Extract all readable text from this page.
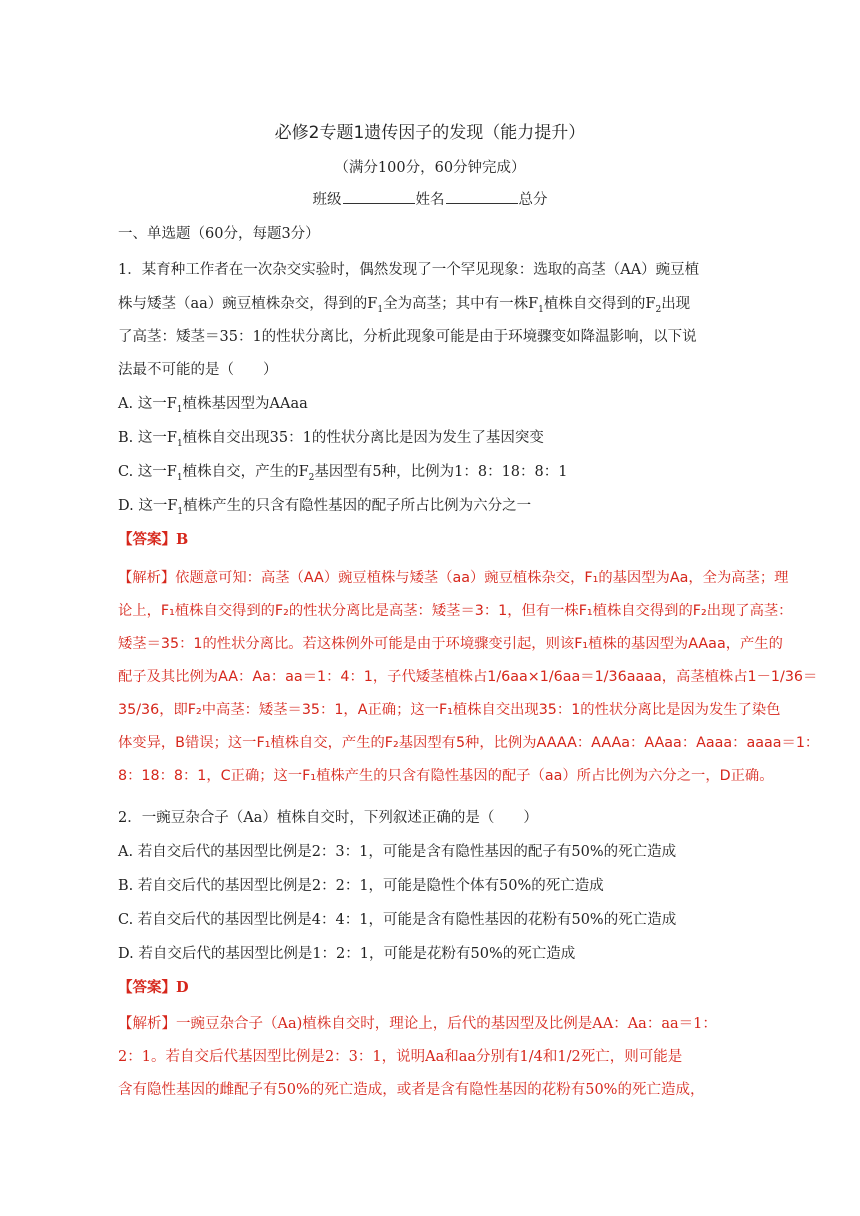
必修2专题1遗传因子的发现（能力提升）
（满分100分，60分钟完成）
班级	姓名	总分
一、单选题（60分，每题3分）
1．某育种工作者在一次杂交实验时，偶然发现了一个罕见现象：选取的高茎（AA）豌豆植
株与矮茎（aa）豌豆植株杂交，得到的$F_1$全为高茎；其中有一株$F_1$植株自交得到的$F_2$出现
了高茎：矮茎＝35：1的性状分离比，分析此现象可能是由于环境骤变如降温影响，以下说
法最不可能的是（　　）
A. 这一$F_1$植株基因型为AAaa
B. 这一$F_1$植株自交出现35：1的性状分离比是因为发生了基因突变
C. 这一$F_1$植株自交，产生的$F_2$基因型有5种，比例为1：8：18：8：1
D. 这一$F_1$植株产生的只含有隐性基因的配子所占比例为六分之一
【答案】B
【解析】依题意可知：高茎（AA）豌豆植株与矮茎（aa）豌豆植株杂交，F₁的基因型为Aa，全为高茎；理
论上，F₁植株自交得到的F₂的性状分离比是高茎：矮茎＝3：1，但有一株F₁植株自交得到的F₂出现了高茎：
矮茎＝35：1的性状分离比。若这株例外可能是由于环境骤变引起，则该F₁植株的基因型为AAaa，产生的
配子及其比例为AA：Aa：aa＝1：4：1，子代矮茎植株占1/6aa×1/6aa＝1/36aaaa，高茎植株占1－1/36＝
35/36，即F₂中高茎：矮茎＝35：1，A正确；这一F₁植株自交出现35：1的性状分离比是因为发生了染色
体变异，B错误；这一F₁植株自交，产生的F₂基因型有5种，比例为AAAA：AAAa：AAaa：Aaaa：aaaa＝1：
8：18：8：1，C正确；这一F₁植株产生的只含有隐性基因的配子（aa）所占比例为六分之一，D正确。
2．一豌豆杂合子（Aa）植株自交时，下列叙述正确的是（　　）
A. 若自交后代的基因型比例是2：3：1，可能是含有隐性基因的配子有50%的死亡造成
B. 若自交后代的基因型比例是2：2：1，可能是隐性个体有50%的死亡造成
C. 若自交后代的基因型比例是4：4：1，可能是含有隐性基因的花粉有50%的死亡造成
D. 若自交后代的基因型比例是1：2：1，可能是花粉有50%的死亡造成
【答案】D
【解析】一豌豆杂合子（Aa)植株自交时，理论上，后代的基因型及比例是AA：Aa：aa＝1：
2：1。若自交后代基因型比例是2：3：1，说明Aa和aa分别有1/4和1/2死亡，则可能是
含有隐性基因的雌配子有50%的死亡造成，或者是含有隐性基因的花粉有50%的死亡造成，
